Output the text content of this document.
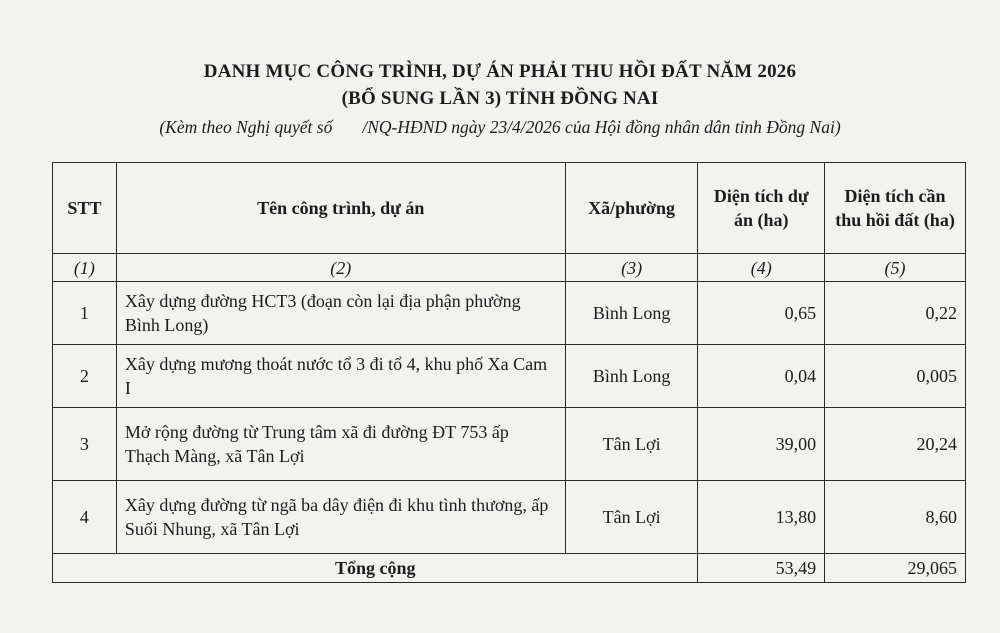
DANH MỤC CÔNG TRÌNH, DỰ ÁN PHẢI THU HỒI ĐẤT NĂM 2026
(BỔ SUNG LẦN 3) TỈNH ĐỒNG NAI
(Kèm theo Nghị quyết số /NQ-HĐND ngày 23/4/2026 của Hội đồng nhân dân tỉnh Đồng Nai)
STT	Tên công trình, dự án	Xã/phường	Diện tích dự án (ha)	Diện tích cần thu hồi đất (ha)
(1)	(2)	(3)	(4)	(5)
1	Xây dựng đường HCT3 (đoạn còn lại địa phận phường Bình Long)	Bình Long	0,65	0,22
2	Xây dựng mương thoát nước tổ 3 đi tổ 4, khu phố Xa Cam I	Bình Long	0,04	0,005
3	Mở rộng đường từ Trung tâm xã đi đường ĐT 753 ấp Thạch Màng, xã Tân Lợi	Tân Lợi	39,00	20,24
4	Xây dựng đường từ ngã ba dây điện đi khu tình thương, ấp Suối Nhung, xã Tân Lợi	Tân Lợi	13,80	8,60
Tổng cộng			53,49	29,065
